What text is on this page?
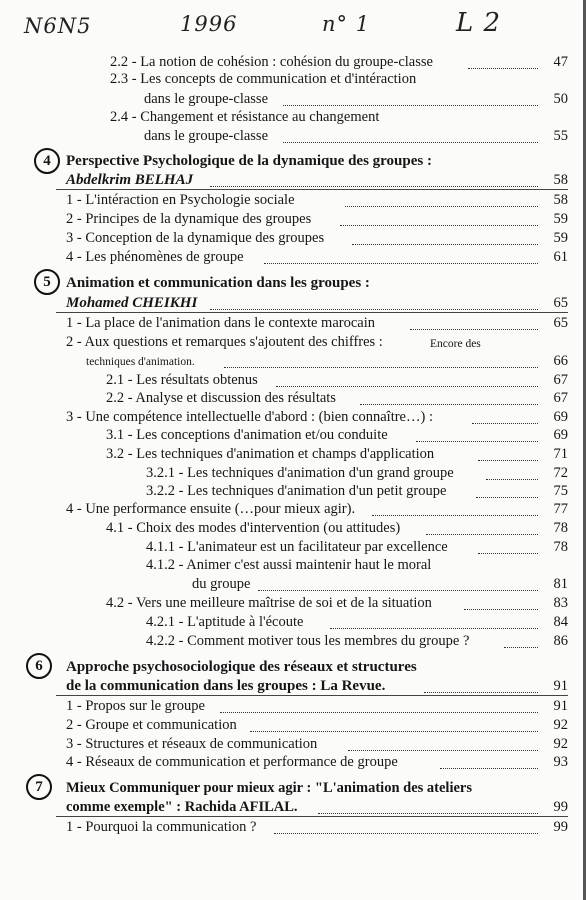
N6N5	1996	n° 1	L 2
2.2 - La notion de cohésion : cohésion du groupe-classe	47
2.3 - Les concepts de communication et d'intéraction
dans le groupe-classe	50
2.4 - Changement et résistance au changement
dans le groupe-classe	55
4	Perspective Psychologique de la dynamique des groupes :
Abdelkrim BELHAJ	58
1 - L'intéraction en Psychologie sociale	58
2 - Principes de la dynamique des groupes	59
3 - Conception de la dynamique des groupes	59
4 - Les phénomènes de groupe	61
5	Animation et communication dans les groupes :
Mohamed CHEIKHI	65
1 - La place de l'animation dans le contexte marocain	65
2 - Aux questions et remarques s'ajoutent des chiffres :	Encore des
techniques d'animation.	66
2.1 - Les résultats obtenus	67
2.2 - Analyse et discussion des résultats	67
3 - Une compétence intellectuelle d'abord : (bien connaître…) :	69
3.1 - Les conceptions d'animation et/ou conduite	69
3.2 - Les techniques d'animation et champs d'application	71
3.2.1 - Les techniques d'animation d'un grand groupe	72
3.2.2 - Les techniques d'animation d'un petit groupe	75
4 - Une performance ensuite (…pour mieux agir).	77
4.1 - Choix des modes d'intervention (ou attitudes)	78
4.1.1 - L'animateur est un facilitateur par excellence	78
4.1.2 - Animer c'est aussi maintenir haut le moral
du groupe	81
4.2 - Vers une meilleure maîtrise de soi et de la situation	83
4.2.1 - L'aptitude à l'écoute	84
4.2.2 - Comment motiver tous les membres du groupe ?	86
6	Approche psychosociologique des réseaux et structures
de la communication dans les groupes : La Revue.	91
1 - Propos sur le groupe	91
2 - Groupe et communication	92
3 - Structures et réseaux de communication	92
4 - Réseaux de communication et performance de groupe	93
7	Mieux Communiquer pour mieux agir : "L'animation des ateliers
comme exemple" : Rachida AFILAL.	99
1 - Pourquoi la communication ?	99
